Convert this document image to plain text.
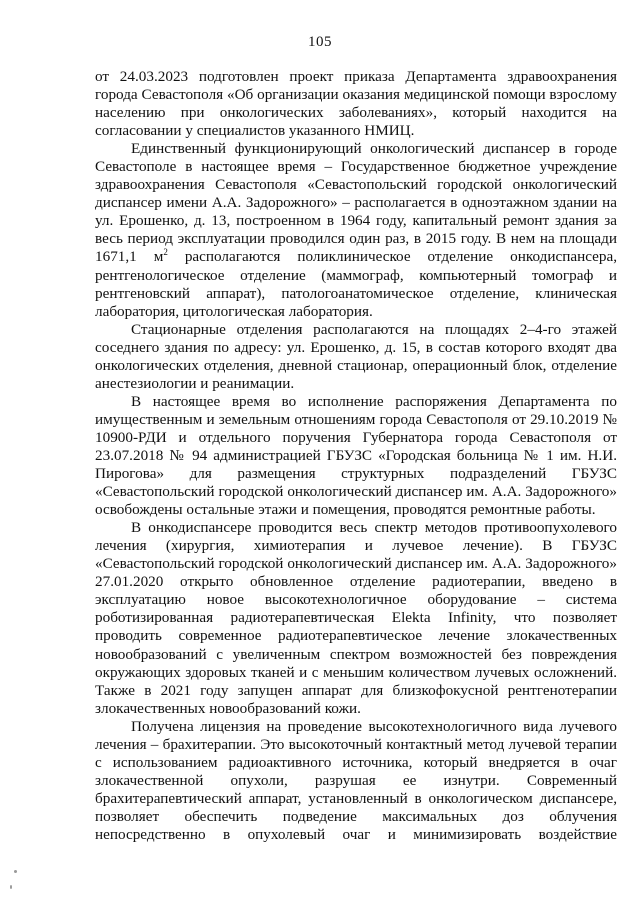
105

от 24.03.2023 подготовлен проект приказа Департамента здравоохранения города Севастополя «Об организации оказания медицинской помощи взрослому населению при онкологических заболеваниях», который находится на согласовании у специалистов указанного НМИЦ.

Единственный функционирующий онкологический диспансер в городе Севастополе в настоящее время – Государственное бюджетное учреждение здравоохранения Севастополя «Севастопольский городской онкологический диспансер имени А.А. Задорожного» – располагается в одноэтажном здании на ул. Ерошенко, д. 13, построенном в 1964 году, капитальный ремонт здания за весь период эксплуатации проводился один раз, в 2015 году. В нем на площади 1671,1 $м^2$ располагаются поликлиническое отделение онкодиспансера, рентгенологическое отделение (маммограф, компьютерный томограф и рентгеновский аппарат), патологоанатомическое отделение, клиническая лаборатория, цитологическая лаборатория.

Стационарные отделения располагаются на площадях 2–4-го этажей соседнего здания по адресу: ул. Ерошенко, д. 15, в состав которого входят два онкологических отделения, дневной стационар, операционный блок, отделение анестезиологии и реанимации.

В настоящее время во исполнение распоряжения Департамента по имущественным и земельным отношениям города Севастополя от 29.10.2019 № 10900-РДИ и отдельного поручения Губернатора города Севастополя от 23.07.2018 № 94 администрацией ГБУЗС «Городская больница № 1 им. Н.И. Пирогова» для размещения структурных подразделений ГБУЗС «Севастопольский городской онкологический диспансер им. А.А. Задорожного» освобождены остальные этажи и помещения, проводятся ремонтные работы.

В онкодиспансере проводится весь спектр методов противоопухолевого лечения (хирургия, химиотерапия и лучевое лечение). В ГБУЗС «Севастопольский городской онкологический диспансер им. А.А. Задорожного» 27.01.2020 открыто обновленное отделение радиотерапии, введено в эксплуатацию новое высокотехнологичное оборудование – система роботизированная радиотерапевтическая Elekta Infinity, что позволяет проводить современное радиотерапевтическое лечение злокачественных новообразований с увеличенным спектром возможностей без повреждения окружающих здоровых тканей и с меньшим количеством лучевых осложнений. Также в 2021 году запущен аппарат для близкофокусной рентгенотерапии злокачественных новообразований кожи.

Получена лицензия на проведение высокотехнологичного вида лучевого лечения – брахитерапии. Это высокоточный контактный метод лучевой терапии с использованием радиоактивного источника, который внедряется в очаг злокачественной опухоли, разрушая ее изнутри. Современный брахитерапевтический аппарат, установленный в онкологическом диспансере, позволяет обеспечить подведение максимальных доз облучения непосредственно в опухолевый очаг и минимизировать воздействие
